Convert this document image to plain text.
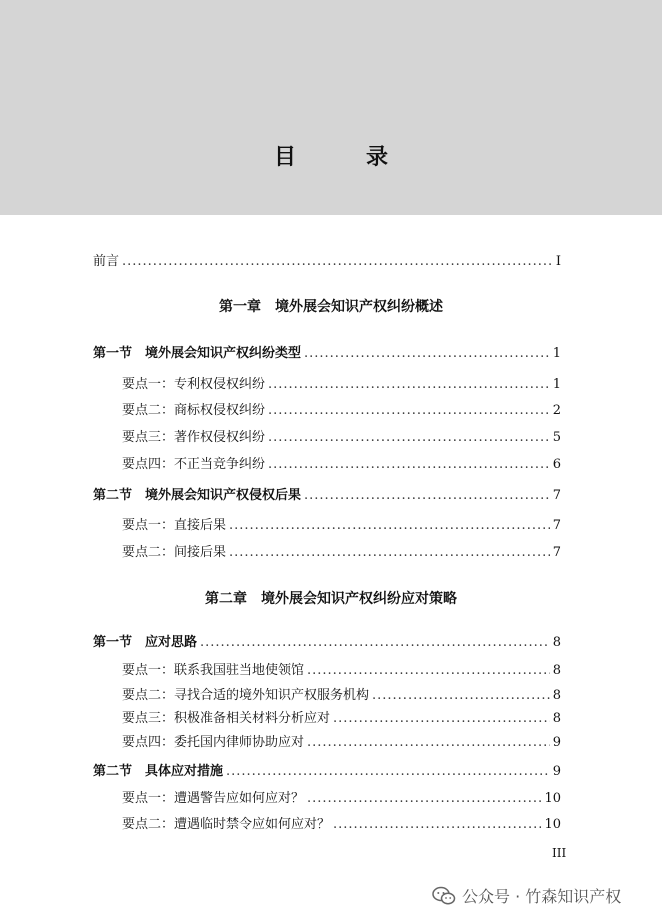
目　录
前言 .....	I
第一章　境外展会知识产权纠纷概述
第一节　境外展会知识产权纠纷类型 .....	1
要点一：专利权侵权纠纷 .....	1
要点二：商标权侵权纠纷 .....	2
要点三：著作权侵权纠纷 .....	5
要点四：不正当竞争纠纷 .....	6
第二节　境外展会知识产权侵权后果 .....	7
要点一：直接后果 .....	7
要点二：间接后果 .....	7
第二章　境外展会知识产权纠纷应对策略
第一节　应对思路 .....	8
要点一：联系我国驻当地使领馆 .....	8
要点二：寻找合适的境外知识产权服务机构 .....	8
要点三：积极准备相关材料分析应对 .....	8
要点四：委托国内律师协助应对 .....	9
第二节　具体应对措施 .....	9
要点一：遭遇警告应如何应对？ .....	10
要点二：遭遇临时禁令应如何应对？ .....	10
III
公众号 · 竹森知识产权
